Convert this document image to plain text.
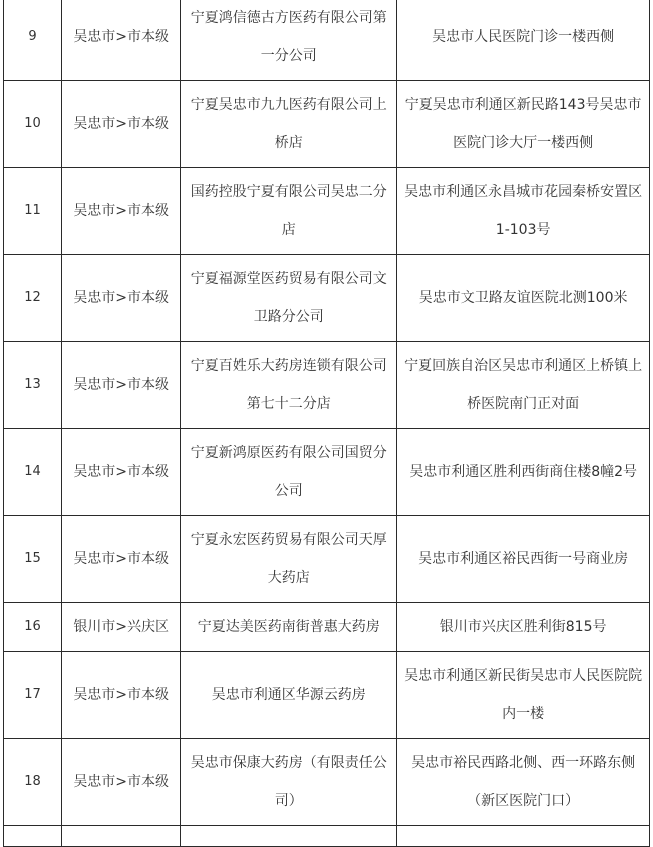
9	吴忠市>市本级	宁夏鸿信德古方医药有限公司第一分公司	吴忠市人民医院门诊一楼西侧
10	吴忠市>市本级	宁夏吴忠市九九医药有限公司上桥店	宁夏吴忠市利通区新民路143号吴忠市医院门诊大厅一楼西侧
11	吴忠市>市本级	国药控股宁夏有限公司吴忠二分店	吴忠市利通区永昌城市花园秦桥安置区1-103号
12	吴忠市>市本级	宁夏福源堂医药贸易有限公司文卫路分公司	吴忠市文卫路友谊医院北测100米
13	吴忠市>市本级	宁夏百姓乐大药房连锁有限公司第七十二分店	宁夏回族自治区吴忠市利通区上桥镇上桥医院南门正对面
14	吴忠市>市本级	宁夏新鸿原医药有限公司国贸分公司	吴忠市利通区胜利西街商住楼8幢2号
15	吴忠市>市本级	宁夏永宏医药贸易有限公司天厚大药店	吴忠市利通区裕民西街一号商业房
16	银川市>兴庆区	宁夏达美医药南街普惠大药房	银川市兴庆区胜利街815号
17	吴忠市>市本级	吴忠市利通区华源云药房	吴忠市利通区新民街吴忠市人民医院院内一楼
18	吴忠市>市本级	吴忠市保康大药房（有限责任公司）	吴忠市裕民西路北侧、西一环路东侧（新区医院门口）
